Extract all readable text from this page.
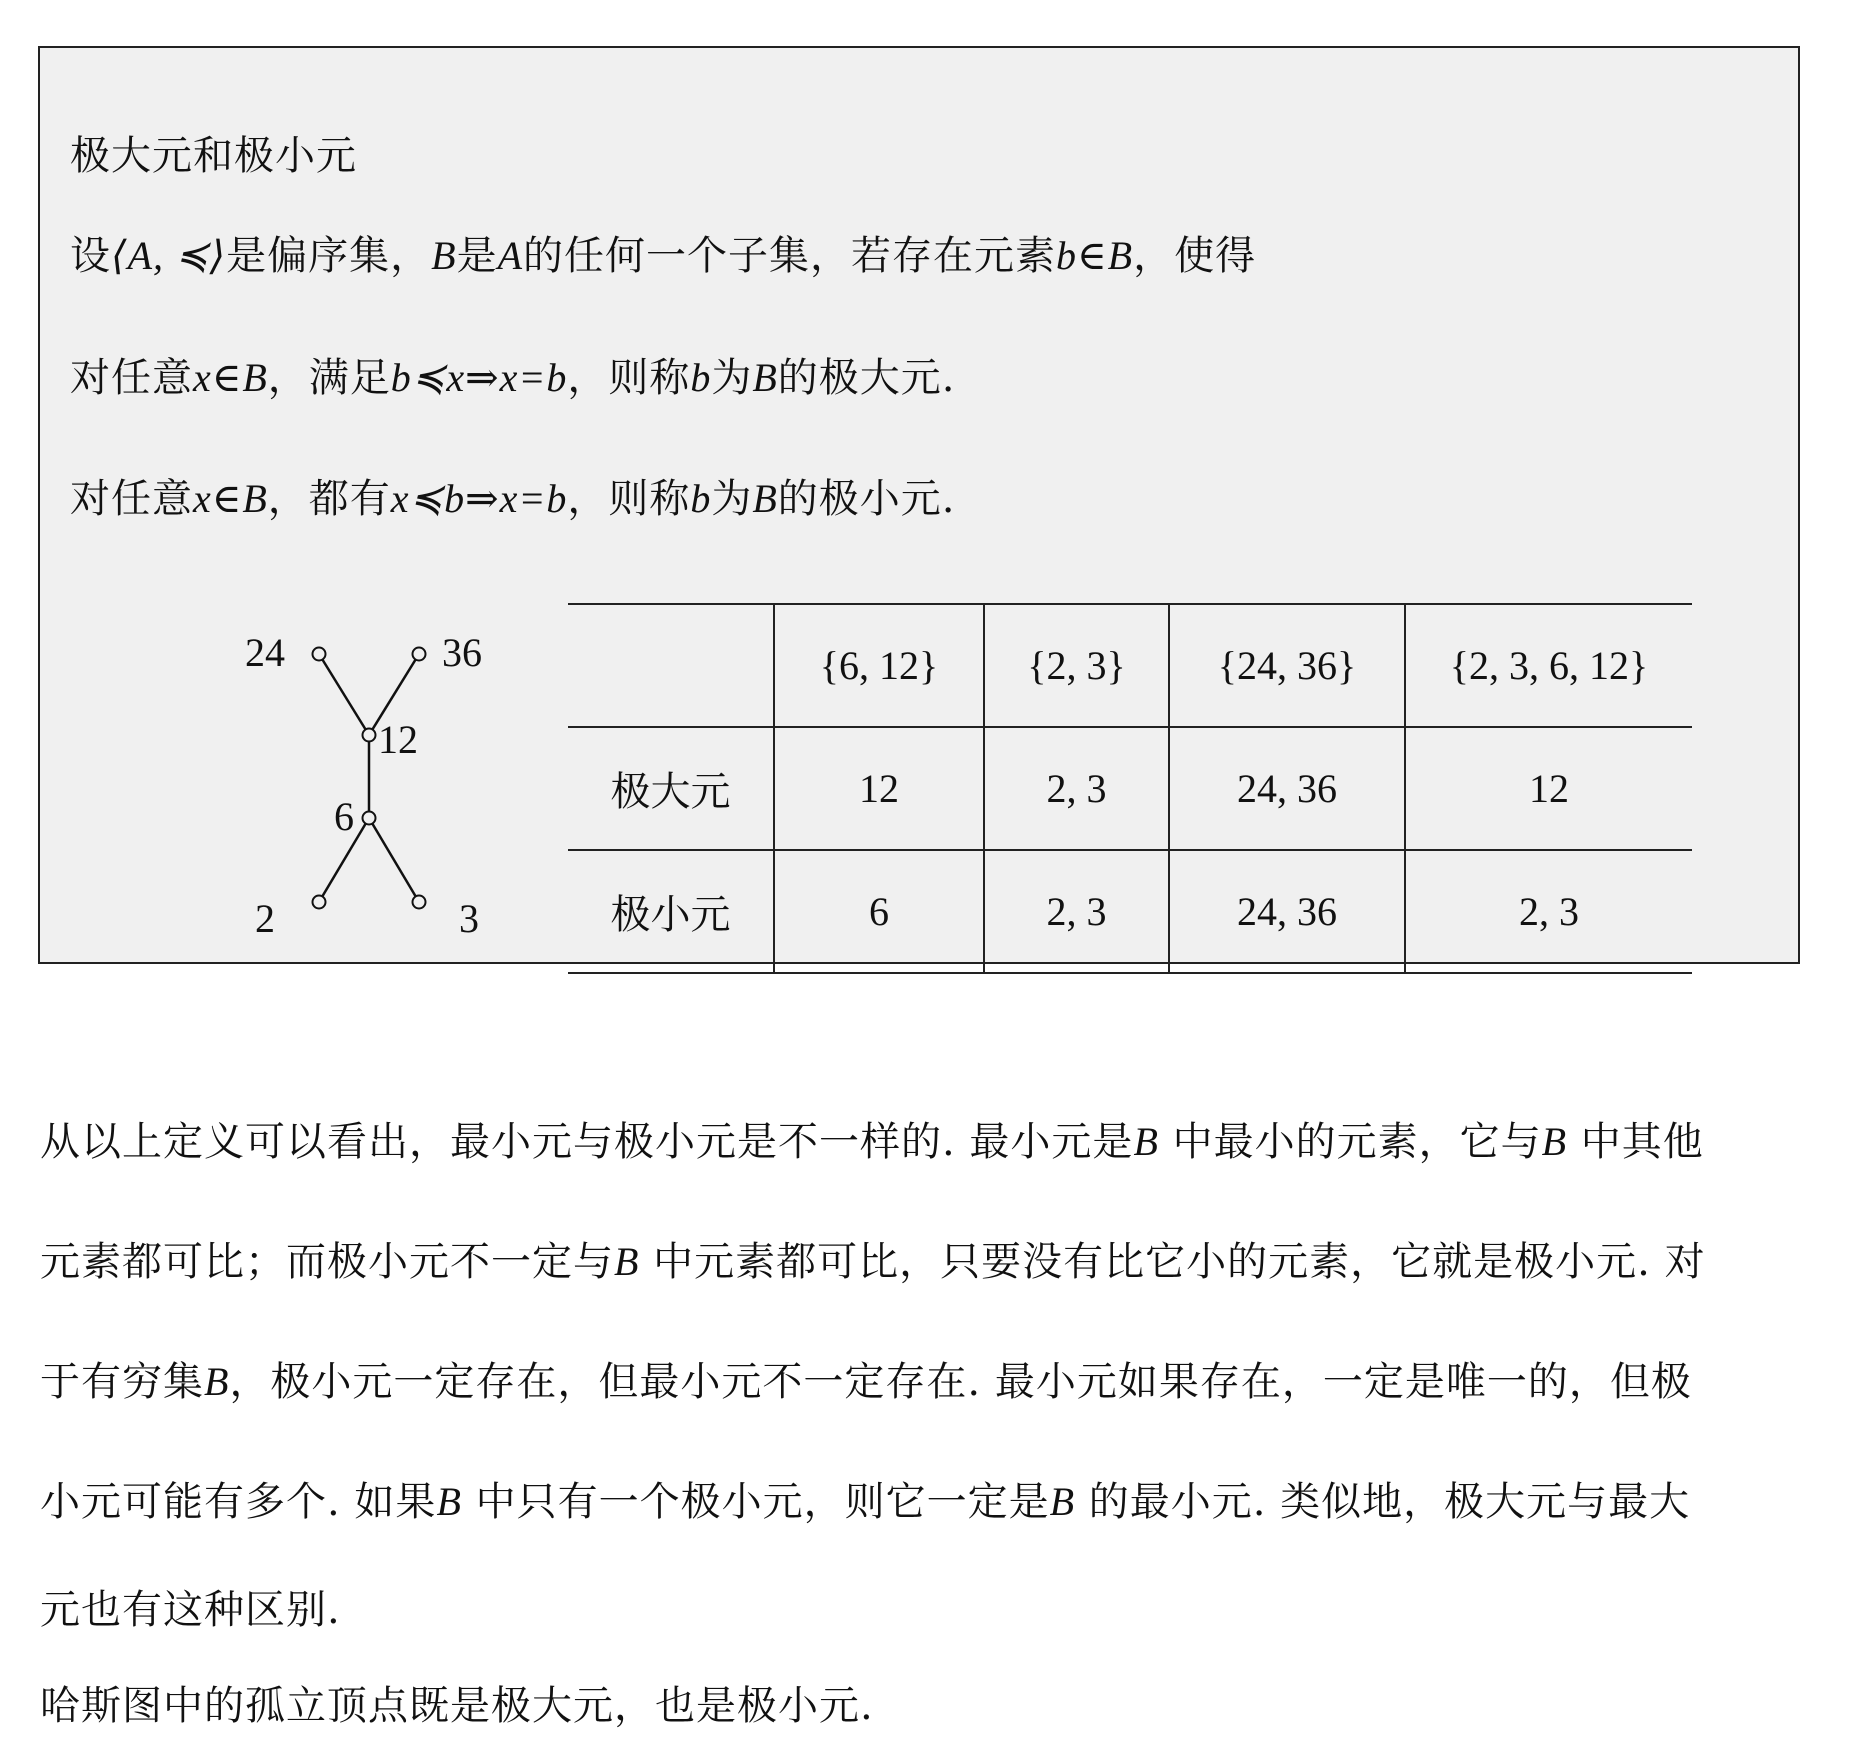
极大元和极小元
设⟨A, ≼⟩是偏序集，B是A的任何一个子集，若存在元素b∈B，使得
对任意x∈B，满足b≼x⇒x=b，则称b为B的极大元.
对任意x∈B，都有x≼b⇒x=b，则称b为B的极小元.
24	36
12
6
2	3
	{6, 12}	{2, 3}	{24, 36}	{2, 3, 6, 12}
极大元	12	2, 3	24, 36	12
极小元	6	2, 3	24, 36	2, 3
从以上定义可以看出，最小元与极小元是不一样的. 最小元是B 中最小的元素，它与B 中其他
元素都可比；而极小元不一定与B 中元素都可比，只要没有比它小的元素，它就是极小元. 对
于有穷集B，极小元一定存在，但最小元不一定存在. 最小元如果存在，一定是唯一的，但极
小元可能有多个. 如果B 中只有一个极小元，则它一定是B 的最小元. 类似地，极大元与最大
元也有这种区别.
哈斯图中的孤立顶点既是极大元，也是极小元.
